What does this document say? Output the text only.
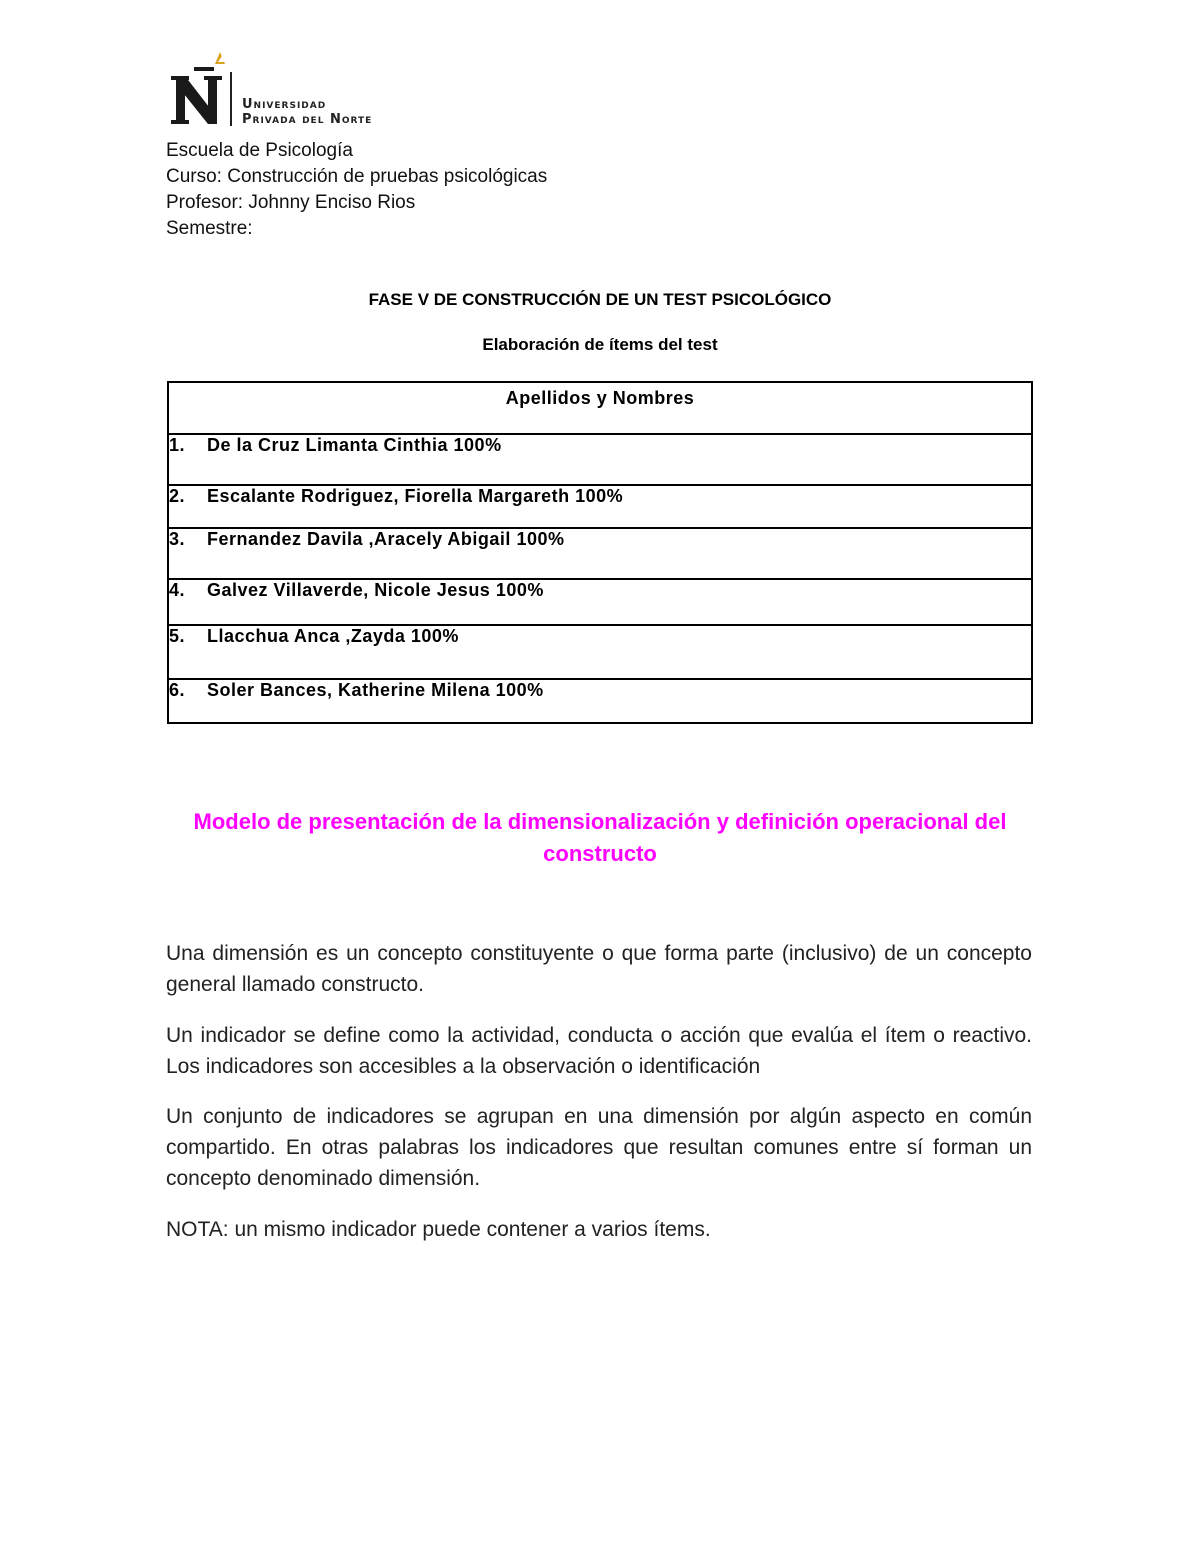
Universidad
Privada del Norte
Escuela de Psicología
Curso: Construcción de pruebas psicológicas
Profesor: Johnny Enciso Rios
Semestre:
FASE V DE CONSTRUCCIÓN DE UN TEST PSICOLÓGICO
Elaboración de ítems del test
Apellidos y Nombres
1. De la Cruz Limanta Cinthia 100%
2. Escalante Rodriguez, Fiorella Margareth 100%
3. Fernandez Davila ,Aracely Abigail 100%
4. Galvez Villaverde, Nicole Jesus 100%
5. Llacchua Anca ,Zayda 100%
6. Soler Bances, Katherine Milena 100%
Modelo de presentación de la dimensionalización y definición operacional del constructo
Una dimensión es un concepto constituyente o que forma parte (inclusivo) de un concepto general llamado constructo.
Un indicador se define como la actividad, conducta o acción que evalúa el ítem o reactivo. Los indicadores son accesibles a la observación o identificación
Un conjunto de indicadores se agrupan en una dimensión por algún aspecto en común compartido. En otras palabras los indicadores que resultan comunes entre sí forman un concepto denominado dimensión.
NOTA: un mismo indicador puede contener a varios ítems.
